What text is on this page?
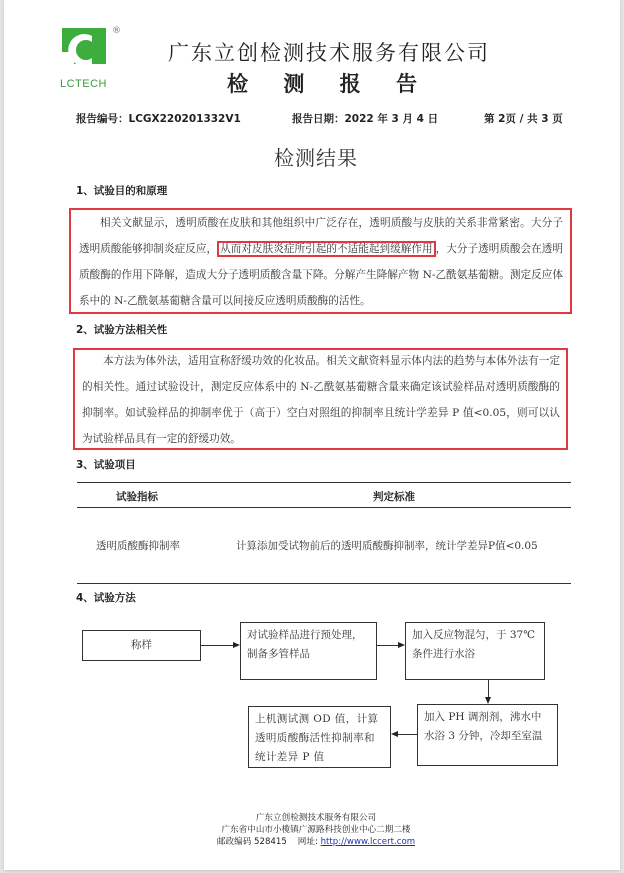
®
LCTECH
广东立创检测技术服务有限公司
检 测 报 告
报告编号：LCGX220201332V1	报告日期：2022 年 3 月 4 日	第 2页 / 共 3 页
检测结果
1、试验目的和原理
相关文献显示，透明质酸在皮肤和其他组织中广泛存在，透明质酸与皮肤的关系非常紧密。大分子透明质酸能够抑制炎症反应， 从而对皮肤炎症所引起的不适能起到缓解作用 ，大分子透明质酸会在透明质酸酶的作用下降解，造成大分子透明质酸含量下降。分解产生降解产物 N-乙酰氨基葡糖。测定反应体系中的 N-乙酰氨基葡糖含量可以间接反应透明质酸酶的活性。
2、试验方法相关性
本方法为体外法，适用宣称舒缓功效的化妆品。相关文献资料显示体内法的趋势与本体外法有一定的相关性。通过试验设计，测定反应体系中的 N-乙酰氨基葡糖含量来确定该试验样品对透明质酸酶的抑制率。如试验样品的抑制率优于（高于）空白对照组的抑制率且统计学差异 P 值<0.05，则可以认为试验样品具有一定的舒缓功效。
3、试验项目
试验指标	判定标准
透明质酸酶抑制率	计算添加受试物前后的透明质酸酶抑制率，统计学差异P值<0.05
4、试验方法
称样
对试验样品进行预处理，制备多管样品
加入反应物混匀，于 37℃条件进行水浴
加入 PH 调剂剂，沸水中水浴 3 分钟，冷却至室温
上机测试测 OD 值，计算透明质酸酶活性抑制率和统计差异 P 值
广东立创检测技术服务有限公司
广东省中山市小榄镇广源路科技创业中心二期二楼
邮政编码 528415 网址: http://www.lccert.com
